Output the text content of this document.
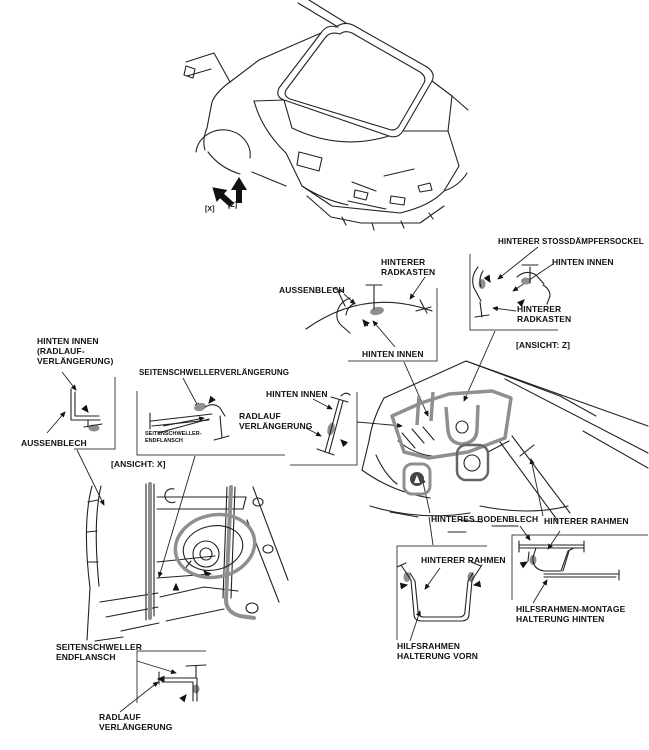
[X]
[Z]
HINTERER RADKASTEN
AUSSENBLECH
HINTEN INNEN
HINTERER STOSSDÄMPFERSOCKEL
HINTEN INNEN
HINTERER RADKASTEN
[ANSICHT: Z]
HINTEN INNEN (RADLAUF-VERLÄNGERUNG)
AUSSENBLECH
SEITENSCHWELLERVERLÄNGERUNG
SEITENSCHWELLER-ENDFLANSCH
[ANSICHT: X]
HINTEN INNEN
RADLAUF VERLÄNGERUNG
HINTERES BODENBLECH HINTERER RAHMEN
HINTERER RAHMEN
HILFSRAHMEN-MONTAGE HALTERUNG HINTEN
HILFSRAHMEN HALTERUNG VORN
SEITENSCHWELLER ENDFLANSCH
RADLAUF VERLÄNGERUNG
